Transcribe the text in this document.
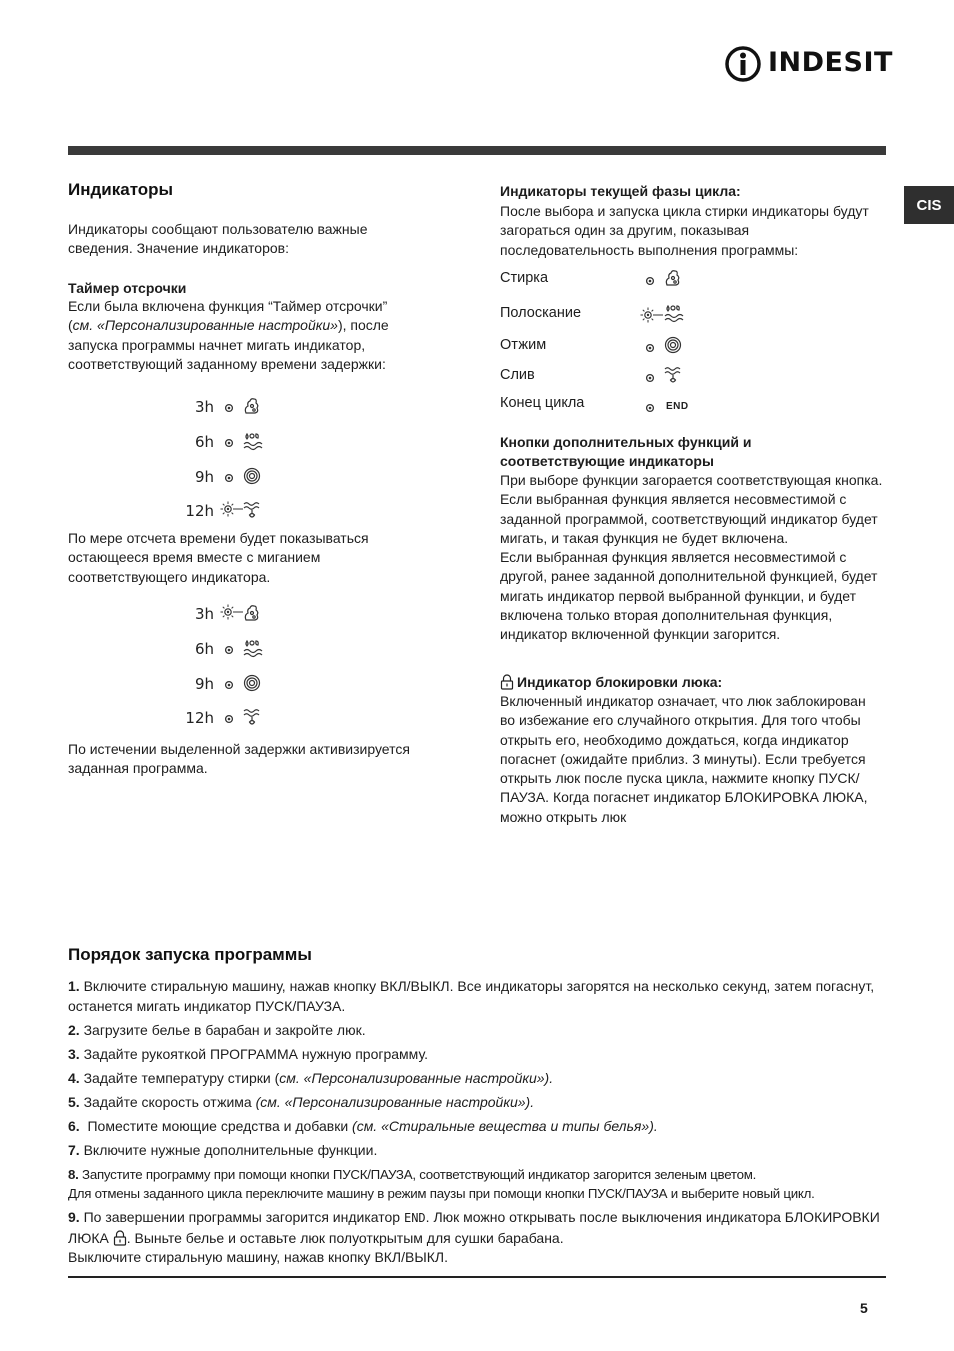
INDESIT
CIS
Индикаторы
Индикаторы сообщают пользователю важные сведения. Значение индикаторов:
Таймер отсрочки

Если была включена функция “Таймер отсрочки”

(см. «Персонализированные настройки»), после

запуска программы начнет мигать индикатор, соответствующий заданному времени задержки:

3h
6h
9h
12h
По мере отсчета времени будет показываться остающееся время вместе с миганием соответствующего индикатора.
3h
6h
9h
12h
По истечении выделенной задержки активизируется заданная программа.
Индикаторы текущей фазы цикла:
После выбора и запуска цикла стирки индикаторы будут загораться один за другим, показывая последовательность выполнения программы:
Стирка
Полоскание
Отжим
Слив
Конец цикла	END
Кнопки дополнительных функций и соответствующие индикаторы
При выборе функции загорается соответствующая кнопка.
Если выбранная функция является несовместимой с заданной программой, соответствующий индикатор будет мигать, и такая функция не будет включена.
Если выбранная функция является несовместимой с другой, ранее заданной дополнительной функцией, будет мигать индикатор первой выбранной функции, и будет включена только вторая дополнительная функция, индикатор включенной функции загорится.
Индикатор блокировки люка:
Включенный индикатор означает, что люк заблокирован во избежание его случайного открытия. Для того чтобы открыть его, необходимо дождаться, когда индикатор погаснет (ожидайте приблиз. 3 минуты). Если требуется открыть люк после пуска цикла, нажмите кнопку ПУСК/ПАУЗА. Когда погаснет индикатор БЛОКИРОВКА ЛЮКА, можно открыть люк
Порядок запуска программы
1. Включите стиральную машину, нажав кнопку ВКЛ/ВЫКЛ. Все индикаторы загорятся на несколько секунд, затем погаснут, останется мигать индикатор ПУСК/ПАУЗА.
2. Загрузите белье в барабан и закройте люк.
3. Задайте рукояткой ПРОГРАММА нужную программу.
4. Задайте температуру стирки (см. «Персонализированные настройки»).
5. Задайте скорость отжима (см. «Персонализированные настройки»).
6. Поместите моющие средства и добавки (см. «Стиральные вещества и типы белья»).
7. Включите нужные дополнительные функции.
8. Запустите программу при помощи кнопки ПУСК/ПАУЗА, соответствующий индикатор загорится зеленым цветом.
Для отмены заданного цикла переключите машину в режим паузы при помощи кнопки ПУСК/ПАУЗА и выберите новый цикл.
9. По завершении программы загорится индикатор END. Люк можно открывать после выключения индикатора БЛОКИРОВКИ ЛЮКА . Выньте белье и оставьте люк полуоткрытым для сушки барабана.
Выключите стиральную машину, нажав кнопку ВКЛ/ВЫКЛ.
5
